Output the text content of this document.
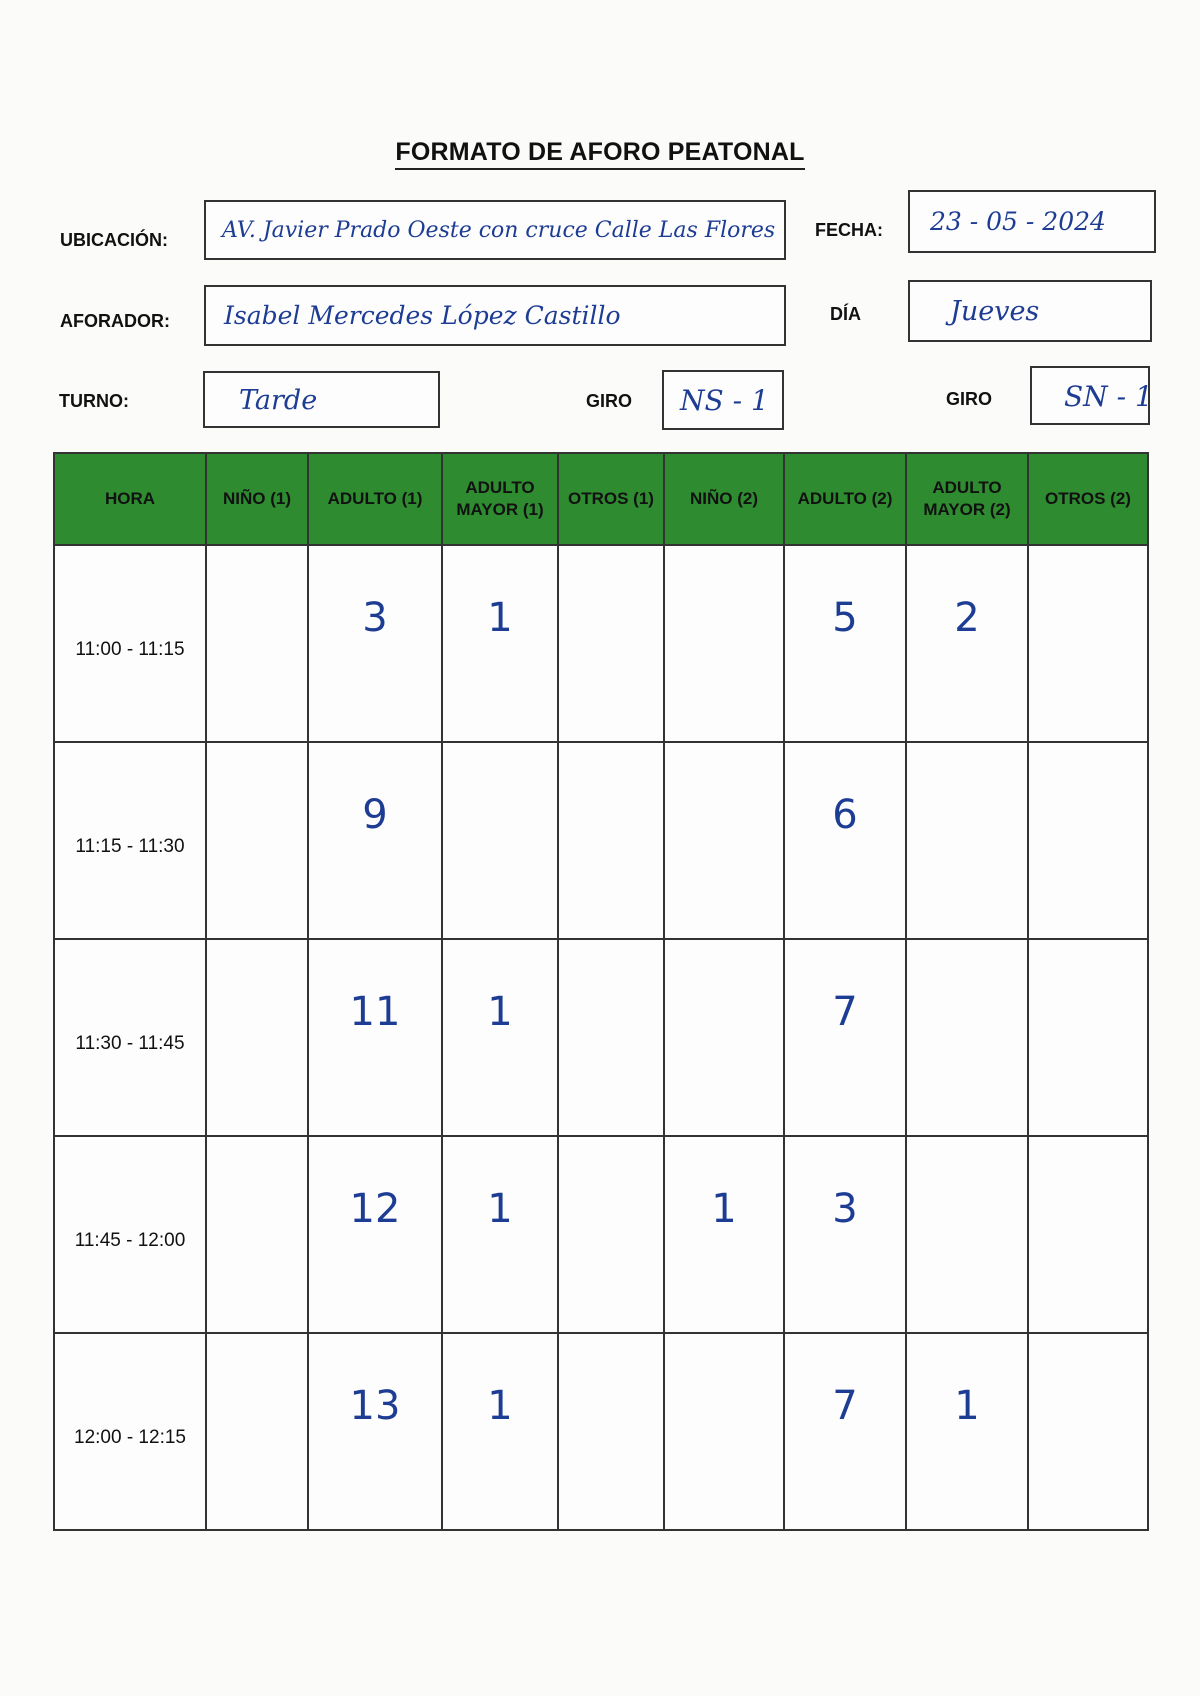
FORMATO DE AFORO PEATONAL
UBICACIÓN: AV. Javier Prado Oeste con cruce Calle Las Flores FECHA: 23 - 05 - 2024
AFORADOR: Isabel Mercedes López Castillo	DÍA	Jueves
TURNO:	Tarde	GIRO NS - 1	GIRO	SN - 1
HORA	NIÑO (1)	ADULTO (1)	ADULTO MAYOR (1)	OTROS (1)	NIÑO (2)	ADULTO (2)	ADULTO MAYOR (2)	OTROS (2)
11:00 - 11:15		3	1			5	2	

11:15 - 11:30		9				6		

11:30 - 11:45		11	1			7		

11:45 - 12:00		12	1		1	3		

12:00 - 12:15		13	1			7	1	
